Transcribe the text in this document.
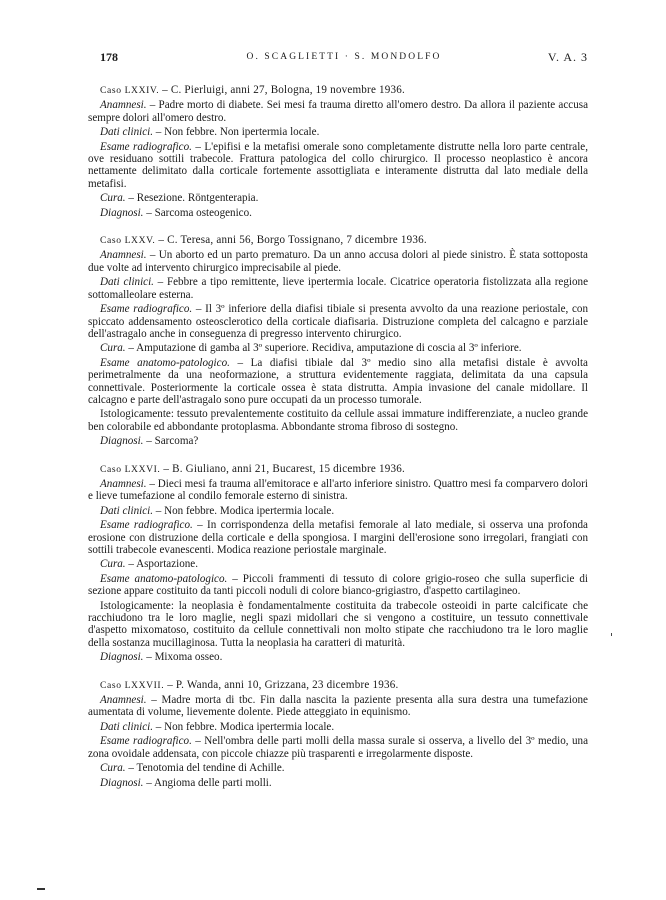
178	O. SCAGLIETTI · S. MONDOLFO	V. A. 3

Caso LXXIV. – C. Pierluigi, anni 27, Bologna, 19 novembre 1936.

Anamnesi. – Padre morto di diabete. Sei mesi fa trauma diretto all'omero destro. Da allora il paziente accusa sempre dolori all'omero destro.

Dati clinici. – Non febbre. Non ipertermia locale.

Esame radiografico. – L'epifisi e la metafisi omerale sono completamente distrutte nella loro parte centrale, ove residuano sottili trabecole. Frattura patologica del collo chirurgico. Il processo neoplastico è ancora nettamente delimitato dalla corticale fortemente assottigliata e interamente distrutta dal lato mediale della metafisi.

Cura. – Resezione. Röntgenterapia.

Diagnosi. – Sarcoma osteogenico.

Caso LXXV. – C. Teresa, anni 56, Borgo Tossignano, 7 dicembre 1936.

Anamnesi. – Un aborto ed un parto prematuro. Da un anno accusa dolori al piede sinistro. È stata sottoposta due volte ad intervento chirurgico imprecisabile al piede.

Dati clinici. – Febbre a tipo remittente, lieve ipertermia locale. Cicatrice operatoria fistolizzata alla regione sottomalleolare esterna.

Esame radiografico. – Il 3º inferiore della diafisi tibiale si presenta avvolto da una reazione periostale, con spiccato addensamento osteosclerotico della corticale diafisaria. Distruzione completa del calcagno e parziale dell'astragalo anche in conseguenza di pregresso intervento chirurgico.

Cura. – Amputazione di gamba al 3º superiore. Recidiva, amputazione di coscia al 3º inferiore.

Esame anatomo-patologico. – La diafisi tibiale dal 3º medio sino alla metafisi distale è avvolta perimetralmente da una neoformazione, a struttura evidentemente raggiata, delimitata da una capsula connettivale. Posteriormente la corticale ossea è stata distrutta. Ampia invasione del canale midollare. Il calcagno e parte dell'astragalo sono pure occupati da un processo tumorale.

Istologicamente: tessuto prevalentemente costituito da cellule assai immature indifferenziate, a nucleo grande ben colorabile ed abbondante protoplasma. Abbondante stroma fibroso di sostegno.

Diagnosi. – Sarcoma?

Caso LXXVI. – B. Giuliano, anni 21, Bucarest, 15 dicembre 1936.

Anamnesi. – Dieci mesi fa trauma all'emitorace e all'arto inferiore sinistro. Quattro mesi fa comparvero dolori e lieve tumefazione al condilo femorale esterno di sinistra.

Dati clinici. – Non febbre. Modica ipertermia locale.

Esame radiografico. – In corrispondenza della metafisi femorale al lato mediale, si osserva una profonda erosione con distruzione della corticale e della spongiosa. I margini dell'erosione sono irregolari, frangiati con sottili trabecole evanescenti. Modica reazione periostale marginale.

Cura. – Asportazione.

Esame anatomo-patologico. – Piccoli frammenti di tessuto di colore grigio-roseo che sulla superficie di sezione appare costituito da tanti piccoli noduli di colore bianco-grigiastro, d'aspetto cartilagineo.

Istologicamente: la neoplasia è fondamentalmente costituita da trabecole osteoidi in parte calcificate che racchiudono tra le loro maglie, negli spazi midollari che si vengono a costituire, un tessuto connettivale d'aspetto mixomatoso, costituito da cellule connettivali non molto stipate che racchiudono tra le loro maglie della sostanza mucillaginosa. Tutta la neoplasia ha caratteri di maturità.

Diagnosi. – Mixoma osseo.

Caso LXXVII. – P. Wanda, anni 10, Grizzana, 23 dicembre 1936.

Anamnesi. – Madre morta di tbc. Fin dalla nascita la paziente presenta alla sura destra una tumefazione aumentata di volume, lievemente dolente. Piede atteggiato in equinismo.

Dati clinici. – Non febbre. Modica ipertermia locale.

Esame radiografico. – Nell'ombra delle parti molli della massa surale si osserva, a livello del 3º medio, una zona ovoidale addensata, con piccole chiazze più trasparenti e irregolarmente disposte.

Cura. – Tenotomia del tendine di Achille.

Diagnosi. – Angioma delle parti molli.
